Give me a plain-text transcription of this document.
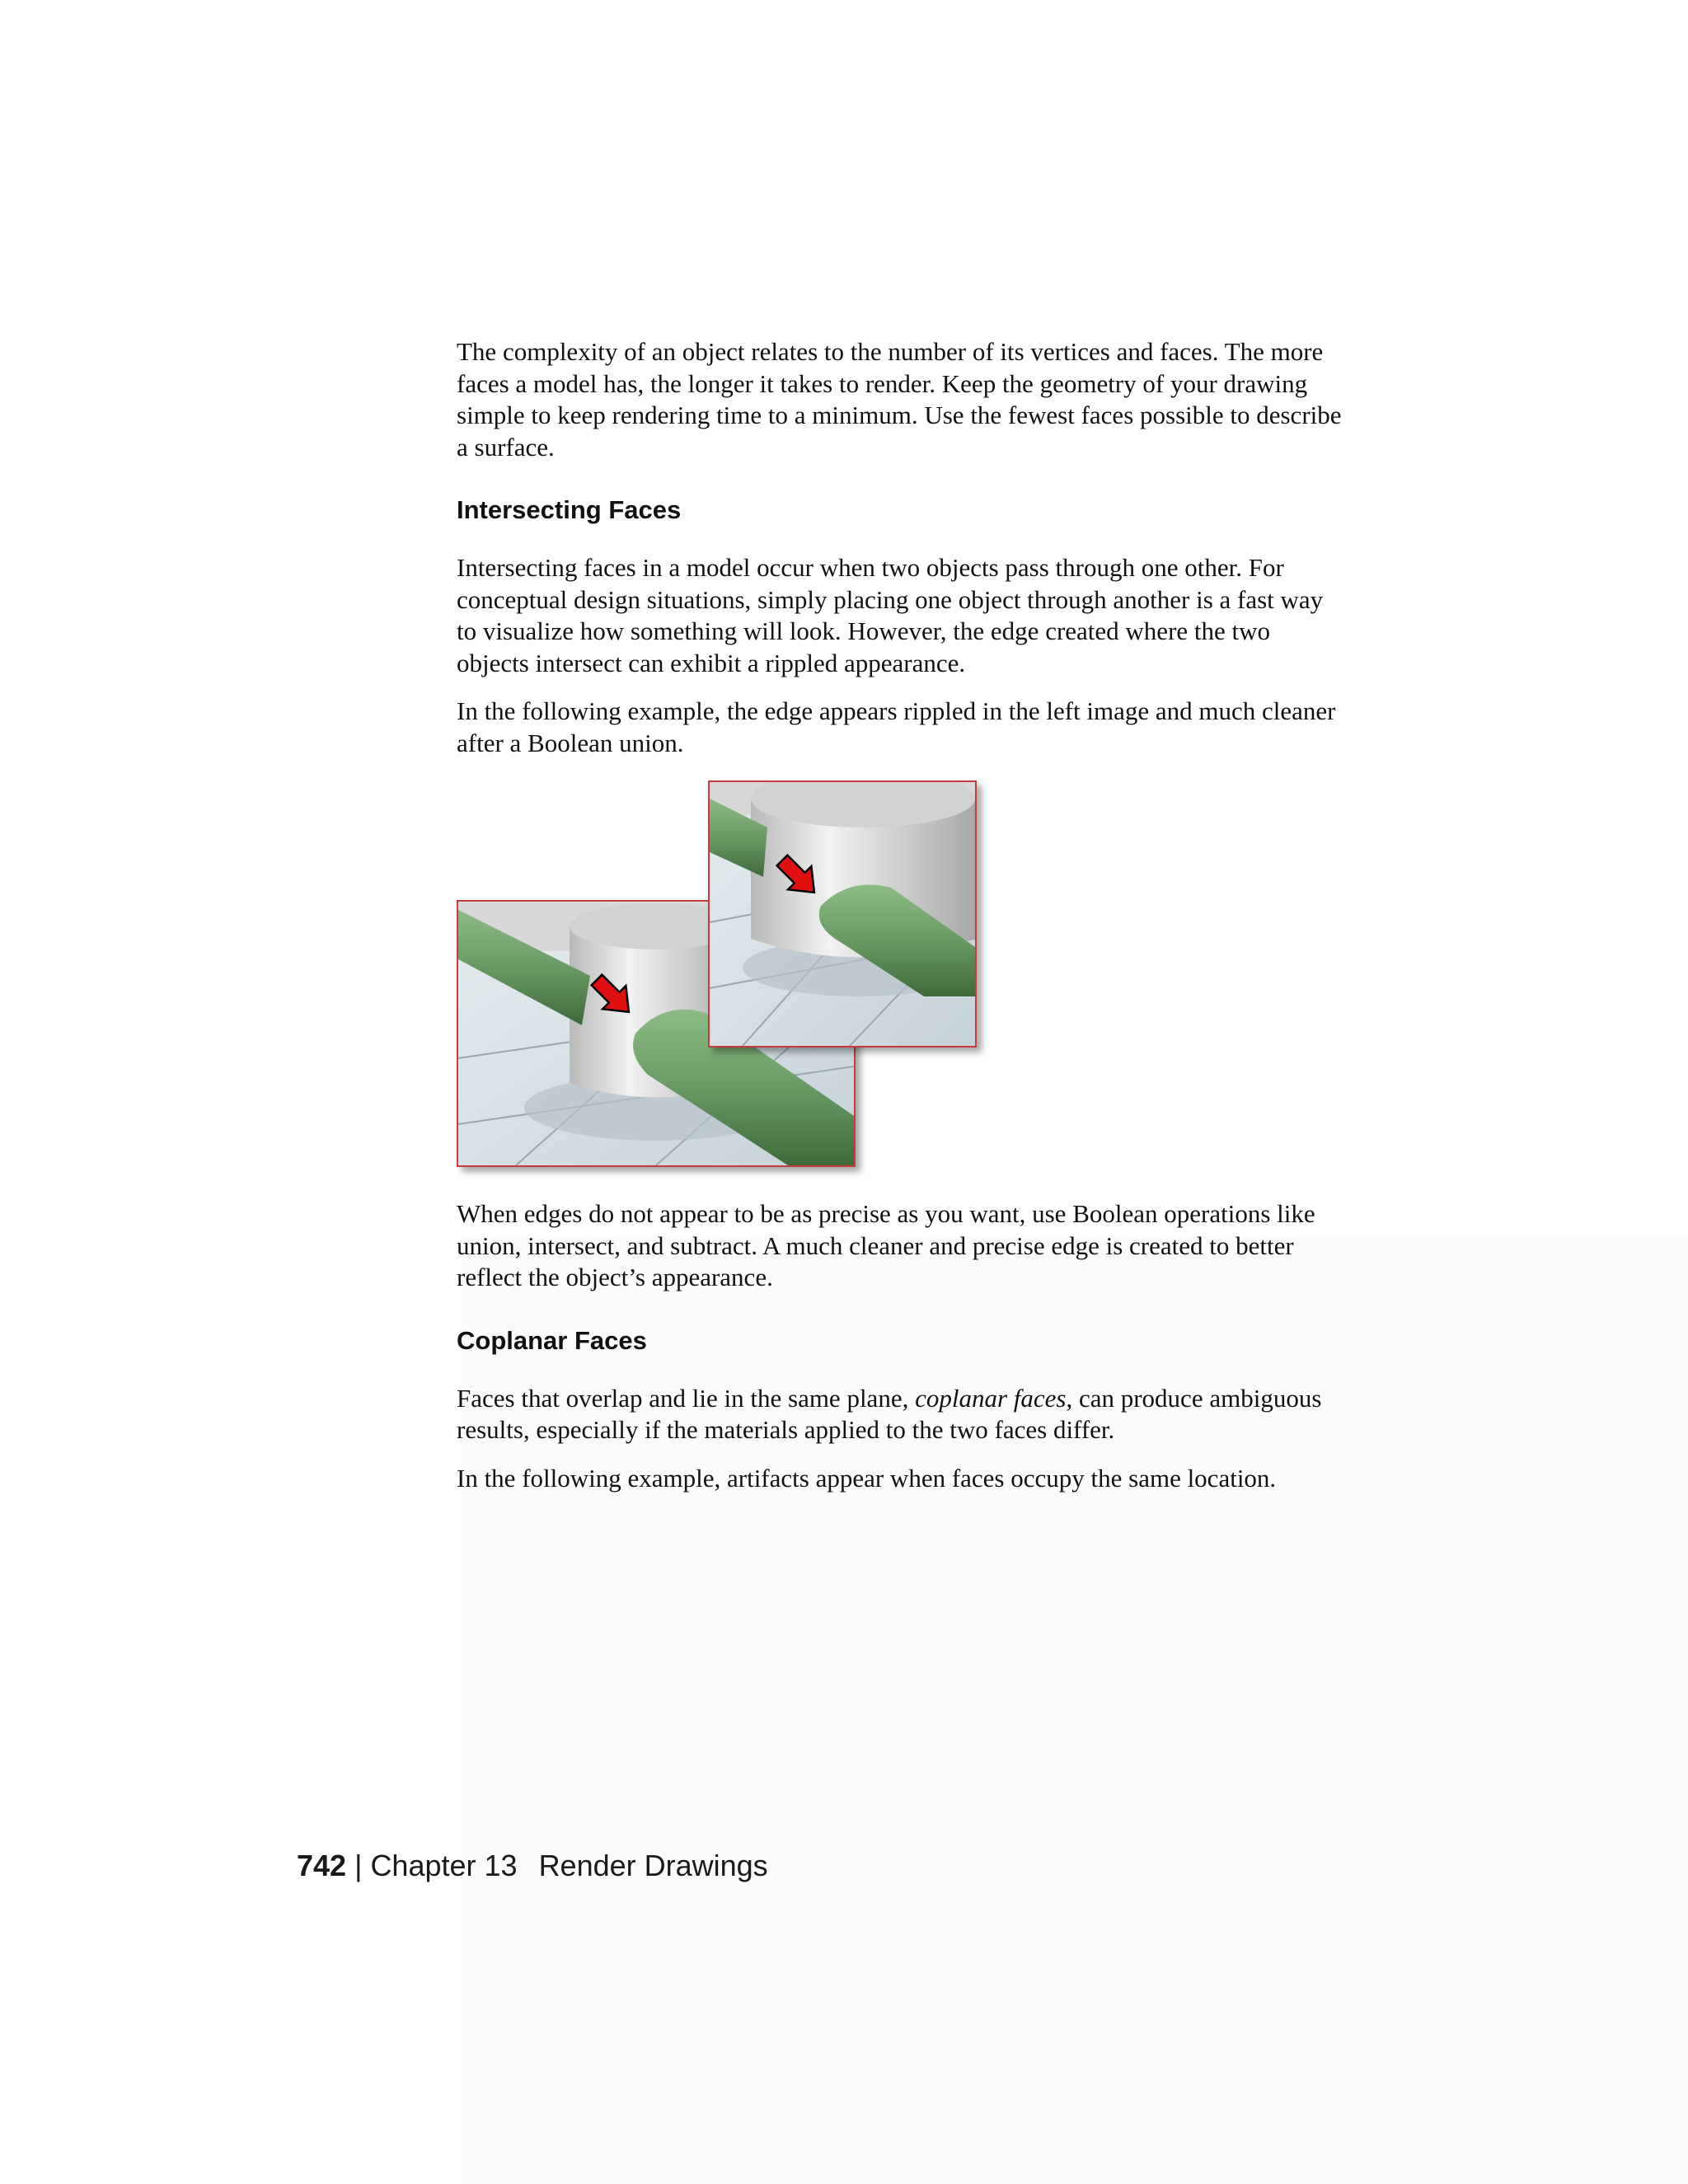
The complexity of an object relates to the number of its vertices and faces. The more faces a model has, the longer it takes to render. Keep the geometry of your drawing simple to keep rendering time to a minimum. Use the fewest faces possible to describe a surface.

Intersecting Faces

Intersecting faces in a model occur when two objects pass through one other. For conceptual design situations, simply placing one object through another is a fast way to visualize how something will look. However, the edge created where the two objects intersect can exhibit a rippled appearance.

In the following example, the edge appears rippled in the left image and much cleaner after a Boolean union.

When edges do not appear to be as precise as you want, use Boolean operations like union, intersect, and subtract. A much cleaner and precise edge is created to better reflect the object’s appearance.

Coplanar Faces

Faces that overlap and lie in the same plane, coplanar faces, can produce ambiguous results, especially if the materials applied to the two faces differ.

In the following example, artifacts appear when faces occupy the same location.

742 | Chapter 13 Render Drawings
